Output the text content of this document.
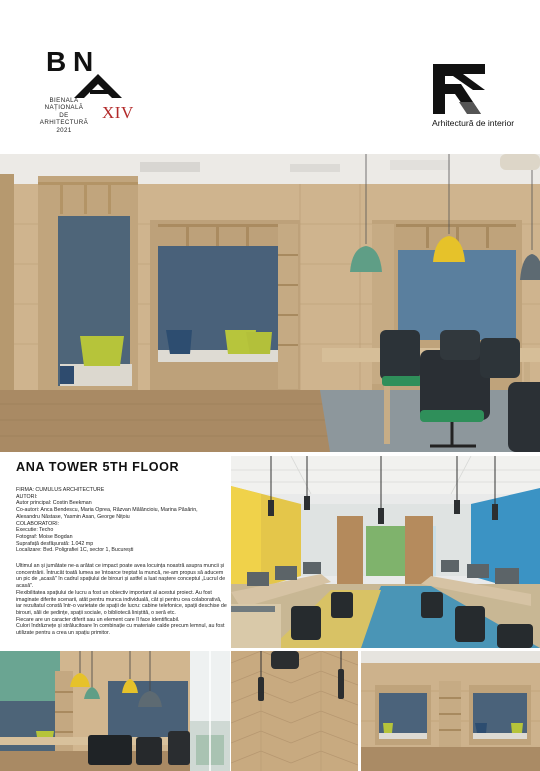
B N
BIENALA
NAȚIONALĂ
DE
ARHITECTURĂ
2021
XIV
Arhitectură de interior
ANA TOWER 5TH FLOOR

FIRMA: CUMULUS ARCHITECTURE

AUTORI:

Autor principal: Costin Beekman

Co-autori: Anca Bendescu, Maria Oprea, Răzvan Mălăncioiu, Marina Păsărin,

Alexandru Năstase, Yasmin Asan, George Nițoiu

COLABORATORI:

Executie: Techo

Fotograf: Moise Bogdan

Suprafață desfășurată: 1.042 mp

Localizare: Bvd. Poligrafiei 1C, sector 1, București

Ultimul an și jumătate ne-a arătat ce impact poate avea locuința noastră asupra muncii și concentrării. Întrucât toată lumea se întoarce treptat la muncă, ne-am propus să aducem un pic de „acasă" în cadrul spațiului de birouri și astfel a luat naștere conceptul „Lucrul de acasă".

Flexibilitatea spațiului de lucru a fost un obiectiv important al acestui proiect. Au fost imaginate diferite scenarii, atât pentru munca individuală, cât și pentru cea colaborativă, iar rezultatul constă într-o varietate de spații de lucru: cabine telefonice, spații deschise de birouri, săli de ședințe, spații sociale, o bibliotecă liniștită, o seră etc.

Fiecare are un caracter diferit sau un element care îl face identificabil.

Culori îndrăznețe și strălucitoare în combinație cu materiale calde precum lemnul, au fost utilizate pentru a crea un spațiu primitor.
